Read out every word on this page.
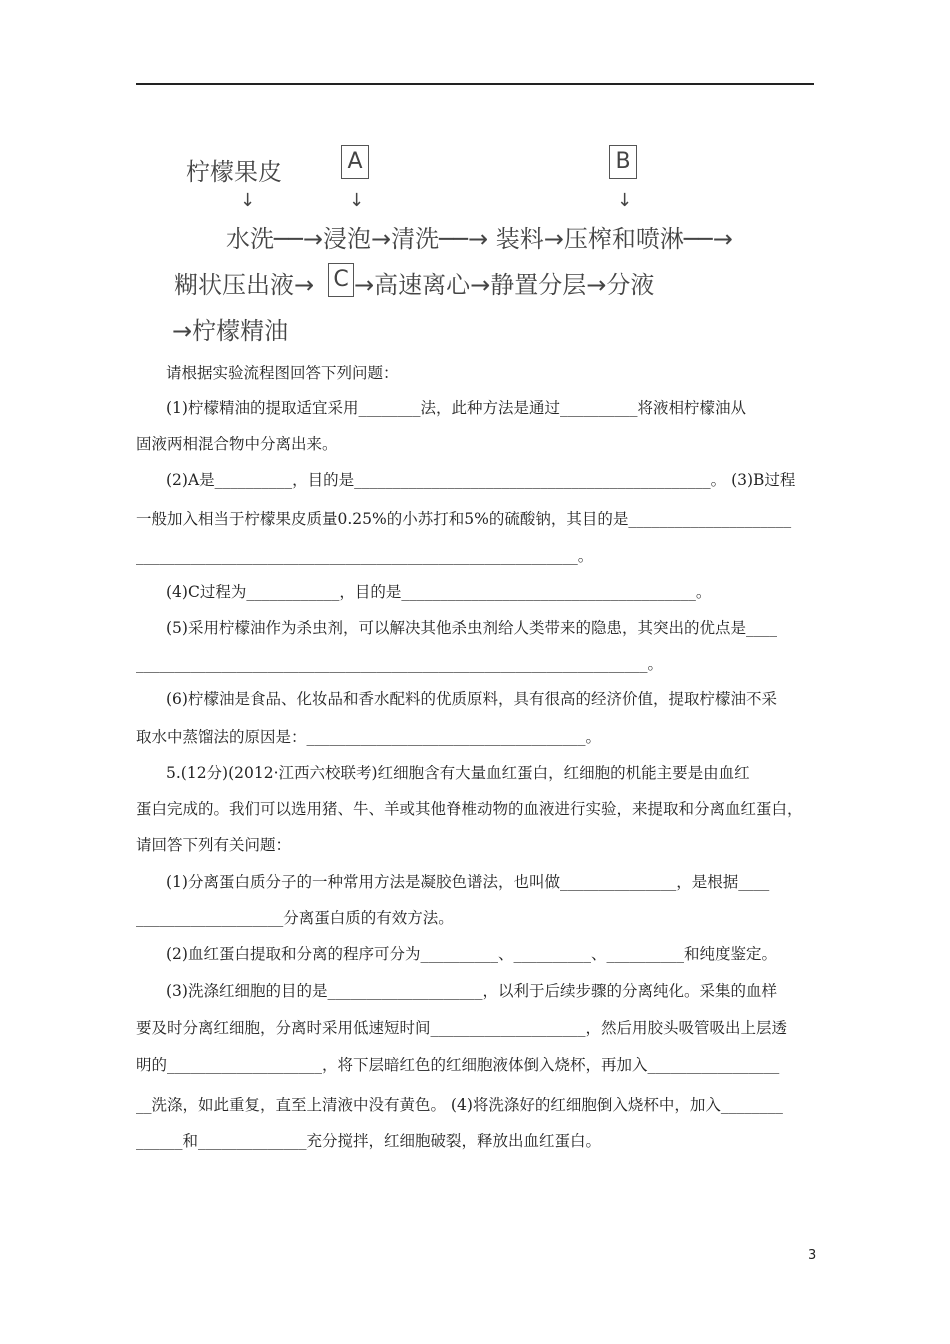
柠檬果皮
↓
A
↓
B
↓
水洗──→浸泡→清洗──→ 装料→压榨和喷淋──→
糊状压出液→ C →高速离心→静置分层→分液
→柠檬精油
请根据实验流程图回答下列问题：
(1)柠檬精油的提取适宜采用________法，此种方法是通过__________将液相柠檬油从
固液两相混合物中分离出来。
(2)A是__________，目的是______________________________________________。 (3)B过程
一般加入相当于柠檬果皮质量0.25%的小苏打和5%的硫酸钠，其目的是_____________________
_________________________________________________________。
(4)C过程为____________，目的是______________________________________。
(5)采用柠檬油作为杀虫剂，可以解决其他杀虫剂给人类带来的隐患，其突出的优点是____
__________________________________________________________________。
(6)柠檬油是食品、化妆品和香水配料的优质原料，具有很高的经济价值，提取柠檬油不采
取水中蒸馏法的原因是：____________________________________。
5.(12分)(2012·江西六校联考)红细胞含有大量血红蛋白，红细胞的机能主要是由血红
蛋白完成的。我们可以选用猪、牛、羊或其他脊椎动物的血液进行实验，来提取和分离血红蛋白，
请回答下列有关问题：
(1)分离蛋白质分子的一种常用方法是凝胶色谱法，也叫做_______________，是根据____
___________________分离蛋白质的有效方法。
(2)血红蛋白提取和分离的程序可分为__________、__________、__________和纯度鉴定。
(3)洗涤红细胞的目的是____________________，以利于后续步骤的分离纯化。采集的血样
要及时分离红细胞，分离时采用低速短时间____________________，然后用胶头吸管吸出上层透
明的____________________，将下层暗红色的红细胞液体倒入烧杯，再加入_________________
__洗涤，如此重复，直至上清液中没有黄色。 (4)将洗涤好的红细胞倒入烧杯中，加入________
______和______________充分搅拌，红细胞破裂，释放出血红蛋白。
3
